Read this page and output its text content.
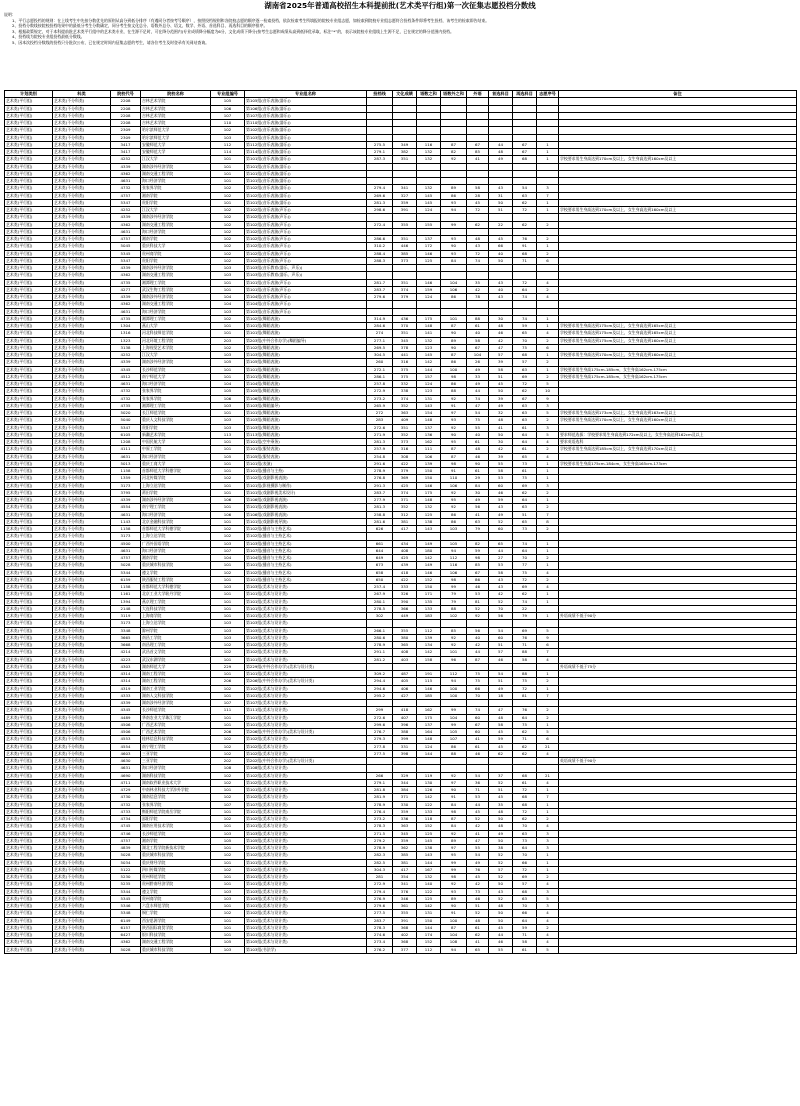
湖南省2025年普通高校招生本科提前批(艺术类平行组)第一次征集志愿投档分数线
说明：
1、平行志愿投档的规则：在上线考生中先按分数优先的原则从高分到低分排序（有遇同分者按考号顺序），按照投档规则和各院校志愿的顺序逐一检索投档，依次检索考生所填报的院校专业组志愿，如检索到院校专业组志愿符合投档条件即将考生投档，该考生的检索即告结束。
2、投档分数线按院校投档结果中的最低分考生分数确定，同分考生按文化总分、语数外总分、语文、数学、外语、首选科目、再选科目的顺序排序。
3、根据政策规定，对于本科提前批艺术类平行组中的艺术类专业，在生源不足时，可在降分范围内(专业成绩降分幅度为6分，文化成绩下降分)按考生志愿和成绩从高到低择优录取，标注“*”的，表示该院校专业组线上生源不足，已在规定的降分范围内投档。
4、投档线为院校专业组投档最低分数线。
5、因本次投档分数线的投档只分批次公布，已在规定时间内征集志愿的考生，请各位考生及时登录有关网站查询。
计划类别	科类	院校代号	院校名称	专业组编号	专业组名称	投档线	文化成绩	语数之和	语数外之和	外语	首选科目	再选科目	志愿序号	备注
艺术类(平行组)	艺术类(不分科类)	2208	吉林艺术学院	105	第105组(音乐表演(器乐))									
艺术类(平行组)	艺术类(不分科类)	2208	吉林艺术学院	106	第106组(音乐表演(器乐))									
艺术类(平行组)	艺术类(不分科类)	2208	吉林艺术学院	107	第107组(音乐表演(器乐))									
艺术类(平行组)	艺术类(不分科类)	2208	吉林艺术学院	110	第110组(音乐表演(器乐))									
艺术类(平行组)	艺术类(不分科类)	2309	哈尔滨师范大学	102	第102组(音乐表演(器乐))									
艺术类(平行组)	艺术类(不分科类)	2309	哈尔滨师范大学	103	第103组(音乐表演(器乐))									
艺术类(平行组)	艺术类(不分科类)	3417	安徽师范大学	112	第112组(音乐表演(器乐))	275.5	349	116	87	67	44	67	1	
艺术类(平行组)	艺术类(不分科类)	3417	安徽师范大学	114	第114组(音乐表演(器乐))	279.1	382	132	82	85	48	67	1	
艺术类(平行组)	艺术类(不分科类)	4252	江汉大学	101	第101组(音乐表演(器乐))	287.3	351	132	92	41	49	68	1	学校要求男生身高达到170cm及以上，女生身高达到160cm及以上
艺术类(平行组)	艺术类(不分科类)	4339	湖南涉外经济学院	101	第101组(音乐表演(器乐))									
艺术类(平行组)	艺术类(不分科类)	4362	湖南交通工程学院	101	第101组(音乐表演(器乐))									
艺术类(平行组)	艺术类(不分科类)	4631	海口经济学院	101	第101组(音乐表演(器乐))									
艺术类(平行组)	艺术类(不分科类)	4732	张家界学院	102	第102组(音乐表演(器乐))	279.4	341	132	89	58	43	54	3	
艺术类(平行组)	艺术类(不分科类)	4757	湘南学院	102	第102组(音乐表演(器乐))	269.6	327	145	86	28	31	63	7	
艺术类(平行组)	艺术类(不分科类)	5347	贵阳学院	101	第101组(音乐表演(器乐))	281.3	359	145	93	45	50	62	1	
艺术类(平行组)	艺术类(不分科类)	4252	江汉大学	102	第102组(音乐表演(声乐))	298.6	391	124	94	72	51	72	1	学校要求男生身高达到170cm及以上，女生身高达到160cm及以上
艺术类(平行组)	艺术类(不分科类)	4339	湖南涉外经济学院	102	第102组(音乐表演(声乐))									
艺术类(平行组)	艺术类(不分科类)	4362	湖南交通工程学院	102	第102组(音乐表演(声乐))	272.4	355	155	99	62	22	62	2	
艺术类(平行组)	艺术类(不分科类)	4631	海口经济学院	102	第102组(音乐表演(声乐))									
艺术类(平行组)	艺术类(不分科类)	4757	湘南学院	102	第102组(音乐表演(声乐))	286.6	351	137	93	48	45	76	2	
艺术类(平行组)	艺术类(不分科类)	5045	重庆科技大学	102	第102组(音乐表演(声乐))	310.2	446	172	90	43	66	91	1	
艺术类(平行组)	艺术类(不分科类)	5345	贵州商学院	102	第102组(音乐表演(声乐))	288.4	385	146	93	72	40	68	2	
艺术类(平行组)	艺术类(不分科类)	5347	贵阳学院	102	第102组(音乐表演(声乐))	288.3	373	125	84	74	50	71	6	
艺术类(平行组)	艺术类(不分科类)	4339	湖南涉外经济学院	103	第103组(音乐教育(器乐、声乐))									
艺术类(平行组)	艺术类(不分科类)	4362	湖南交通工程学院	103	第103组(音乐教育(器乐、声乐))									
艺术类(平行组)	艺术类(不分科类)	4735	湘潭理工学院	101	第101组(音乐表演(声乐))	281.7	351	146	104	35	43	72	4	
艺术类(平行组)	艺术类(不分科类)	4277	武汉生物工程学院	101	第101组(音乐表演(声乐))	283.7	374	159	106	42	40	64	2	
艺术类(平行组)	艺术类(不分科类)	4339	湖南涉外经济学院	104	第104组(音乐表演(声乐))	279.6	379	124	86	78	43	74	4	
艺术类(平行组)	艺术类(不分科类)	4362	湖南交通工程学院	104	第104组(音乐表演(声乐))									
艺术类(平行组)	艺术类(不分科类)	4631	海口经济学院	103	第103组(音乐表演(声乐))									
艺术类(平行组)	艺术类(不分科类)	4735	湘潭理工学院	102	第102组(舞蹈表演)	314.9	436	175	101	88	30	74	1	
艺术类(平行组)	艺术类(不分科类)	1304	燕山大学	101	第101组(舞蹈表演)	284.6	370	148	87	61	48	59	1	学校要求男生身高达到175cm及以上，女生身高达到165cm及以上
艺术类(平行组)	艺术类(不分科类)	1316	河北科技师范学院	101	第101组(舞蹈表演)	274	351	141	90	40	46	65	4	学校要求男生身高达到175cm及以上，女生身高达到165cm及以上
艺术类(平行组)	艺术类(不分科类)	1323	河北环境工程学院	203	第203组(中外合作办学)(舞蹈编导)	277.1	345	132	89	58	42	70	2	学校要求男生身高达到175cm及以上，女生身高达到160cm及以上
艺术类(平行组)	艺术类(不分科类)	3138	上海视觉艺术学院	102	第102组(舞蹈表演)	269.5	378	123	90	67	47	75	6	
艺术类(平行组)	艺术类(不分科类)	4252	江汉大学	103	第103组(舞蹈表演)	304.5	441	145	87	104	57	68	1	学校要求男生身高达到170cm及以上，女生身高达到160cm及以上
艺术类(平行组)	艺术类(不分科类)	4339	湖南涉外经济学院	105	第105组(舞蹈表演)	260	316	142	86	26	39	57	2	
艺术类(平行组)	艺术类(不分科类)	4345	长沙师范学院	101	第101组(舞蹈表演)	272.1	375	144	100	49	58	63	1	学校要求男生身高175cm-185cm，女生身高162cm-175cm
艺术类(平行组)	艺术类(不分科类)	4512	南宁师范大学	101	第101组(舞蹈表演)	286.1	375	157	98	33	51	69	2	学校要求男生身高175cm-185cm，女生身高162cm-175cm
艺术类(平行组)	艺术类(不分科类)	4631	海口经济学院	104	第104组(舞蹈表演)	257.8	332	124	86	49	45	72	5	
艺术类(平行组)	艺术类(不分科类)	4732	张家界学院	105	第105组(舞蹈表演)	272.9	338	123	88	44	50	62	10	
艺术类(平行组)	艺术类(不分科类)	4732	张家界学院	106	第106组(舞蹈表演)	273.2	374	131	92	74	39	67	9	
艺术类(平行组)	艺术类(不分科类)	4735	湘潭理工学院	103	第103组(舞蹈编导)	265.9	352	143	91	47	49	63	3	
艺术类(平行组)	艺术类(不分科类)	5020	长江师范学院	101	第101组(舞蹈表演)	272	363	154	97	54	32	63	5	学校要求男生身高达到173cm及以上，女生身高达到163cm及以上
艺术类(平行组)	艺术类(不分科类)	5040	重庆人文科技学院	103	第103组(舞蹈表演)	283	409	148	93	75	48	63	2	学校要求男生身高达到170cm及以上，女生身高达到160cm及以上
艺术类(平行组)	艺术类(不分科类)	5347	贵阳学院	103	第103组(舞蹈表演)	272.6	351	137	92	55	41	61	3	
艺术类(平行组)	艺术类(不分科类)	6105	新疆艺术学院	113	第113组(舞蹈表演)	271.9	352	136	90	40	50	64	5	要求师范选拔：学校要求男生身高达到172cm及以上，女生身高达到162cm及以上
艺术类(平行组)	艺术类(不分科类)	1208	中国民航大学	101	第101组(空中乘务)	281.3	373	162	95	61	30	64	4	要求英语选科
艺术类(平行组)	艺术类(不分科类)	4111	中原工学院	101	第101组(服装表演)	257.9	316	111	87	48	42	61	2	学校要求男生身高达到185cm及以上，女生身高达到170cm及以上
艺术类(平行组)	艺术类(不分科类)	4631	海口经济学院	105	第105组(服装表演)	254.8	308	106	87	46	39	65	4	
艺术类(平行组)	艺术类(不分科类)	5013	重庆工商大学	101	第101组(表演)	291.6	422	139	98	90	55	73	1	学校要求男生身高175cm-184cm，女生身高165cm-173cm
艺术类(平行组)	艺术类(不分科类)	1158	首都师范大学科德学院	101	第101组(播音与主持)	278.9	379	150	91	61	58	61	1	
艺术类(平行组)	艺术类(不分科类)	1359	河北传媒学院	102	第102组(戏剧影视表演)	276.8	369	150	110	29	53	75	1	
艺术类(平行组)	艺术类(不分科类)	3173	上海立达学院	101	第101组(影视摄影与制作)	291.3	425	146	106	84	60	69	3	
艺术类(平行组)	艺术类(不分科类)	3795	莆田学院	101	第101组(戏剧影视美术设计)	283.7	374	175	92	30	46	62	2	
艺术类(平行组)	艺术类(不分科类)	4339	湖南涉外经济学院	106	第106组(戏剧影视表演)	277.9	371	148	95	49	59	64	1	
艺术类(平行组)	艺术类(不分科类)	4554	南宁理工学院	101	第101组(戏剧影视表演)	281.3	352	132	92	56	43	63	2	
艺术类(平行组)	艺术类(不分科类)	4631	海口经济学院	106	第106组(戏剧影视表演)	258.8	312	125	86	41	49	51	7	
艺术类(平行组)	艺术类(不分科类)	1143	北京金融科技学院	101	第101组(戏剧影视导演)	281.6	381	138	86	63	52	65	8	
艺术类(平行组)	艺术类(不分科类)	1158	首都师范大学科德学院	102	第102组(播音与主持艺术)	626	417	143	103	79	60	73	2	
艺术类(平行组)	艺术类(不分科类)	3173	上海立达学院	102	第102组(播音与主持艺术)									
艺术类(平行组)	艺术类(不分科类)	4500	广西外国语学院	103	第103组(播音与主持艺术)	661	434	149	105	82	65	74	1	
艺术类(平行组)	艺术类(不分科类)	4631	海口经济学院	107	第107组(播音与主持艺术)	644	408	180	94	59	44	64	1	
艺术类(平行组)	艺术类(不分科类)	4757	湘南学院	104	第104组(播音与主持艺术)	649	425	142	112	98	27	70	2	
艺术类(平行组)	艺术类(不分科类)	5028	重庆城市科技学院	101	第101组(播音与主持艺术)	673	439	149	116	85	53	77	1	
艺术类(平行组)	艺术类(不分科类)	5344	遵义学院	102	第102组(播音与主持艺术)	658	418	146	106	67	58	75	4	
艺术类(平行组)	艺术类(不分科类)	6159	陕西服装工程学院	101	第101组(播音与主持艺术)	650	422	152	98	86	43	72	2	
艺术类(平行组)	艺术类(不分科类)	1158	首都师范大学科德学院	103	第103组(美术与设计类)	257.4	333	150	99	46	43	69	4	
艺术类(平行组)	艺术类(不分科类)	1161	北京工业大学耿丹学院	101	第101组(美术与设计类)	267.9	326	171	79	53	42	62	1	
艺术类(平行组)	艺术类(不分科类)	1394	燕京理工学院	101	第101组(美术与设计类)	280.1	390	135	79	81	52	74	1	
艺术类(平行组)	艺术类(不分科类)	2148	大连科技学院	101	第101组(美术与设计类)	278.5	366	133	88	52	70	22		
艺术类(平行组)	艺术类(不分科类)	3119	上海商学院	101	第101组(美术与设计类)	302	449	183	102	92	56	79	1	外语成绩不低于90分
艺术类(平行组)	艺术类(不分科类)	3173	上海立达学院	103	第103组(美术与设计类)									
艺术类(平行组)	艺术类(不分科类)	3348	滁州学院	103	第103组(美术与设计类)	266.1	355	112	85	56	54	69	5	
艺术类(平行组)	艺术类(不分科类)	3665	南昌工学院	103	第103组(美术与设计类)	280.6	380	139	92	40	60	76	9	
艺术类(平行组)	艺术类(不分科类)	3668	南昌理工学院	102	第102组(美术与设计类)	278.9	365	134	92	42	51	71	6	
艺术类(平行组)	艺术类(不分科类)	4214	武昌首义学院	102	第102组(美术与设计类)	291.1	408	142	101	44	57	88	7	
艺术类(平行组)	艺术类(不分科类)	4223	武汉东湖学院	101	第101组(美术与设计类)	281.2	403	158	96	87	46	58	4	
艺术类(平行组)	艺术类(不分科类)	4303	湖南师范大学	229	第229组(中外合作办学)(美术与设计类)									外语成绩不低于75分
艺术类(平行组)	艺术类(不分科类)	4314	湖南工程学院	101	第101组(美术与设计类)	309.2	487	191	112	75	54	88	1	
艺术类(平行组)	艺术类(不分科类)	4314	湖南工程学院	206	第206组(中外合作办学)(美术与设计类)	294.4	405	115	94	75	51	75	2	
艺术类(平行组)	艺术类(不分科类)	4319	湖南工业学院	102	第102组(美术与设计类)	294.6	406	146	100	66	49	72	1	
艺术类(平行组)	艺术类(不分科类)	4333	湖南人文科技学院	101	第101组(美术与设计类)	295.2	427	185	100	70	18	81	7	
艺术类(平行组)	艺术类(不分科类)	4339	湖南涉外经济学院	107	第107组(美术与设计类)									
艺术类(平行组)	艺术类(不分科类)	4345	长沙师范学院	111	第111组(美术与设计类)	299	418	162	99	74	47	76	2	
艺术类(平行组)	艺术类(不分科类)	4489	华南农业大学珠江学院	101	第101组(美术与设计类)	272.6	407	175	104	60	48	64	2	
艺术类(平行组)	艺术类(不分科类)	4506	广西艺术学院	101	第101组(美术与设计类)	299.6	396	137	99	67	58	75	1	
艺术类(平行组)	艺术类(不分科类)	4506	广西艺术学院	206	第206组(中外合作办学)(美术与设计类)	276.7	388	164	105	60	45	62	5	
艺术类(平行组)	艺术类(不分科类)	4553	桂林信息科技学院	102	第102组(美术与设计类)	279.3	399	148	107	41	59	71	6	
艺术类(平行组)	艺术类(不分科类)	4554	南宁理工学院	102	第102组(美术与设计类)	277.8	331	124	86	61	45	62	21	
艺术类(平行组)	艺术类(不分科类)	4603	三亚学院	102	第102组(美术与设计类)	277.5	398	144	88	46	62	62	4	
艺术类(平行组)	艺术类(不分科类)	4630	三亚学院	202	第202组(中外合作办学)(美术与设计类)									英语成绩不低于90分
艺术类(平行组)	艺术类(不分科类)	4631	海口经济学院	108	第108组(美术与设计类)									
艺术类(平行组)	艺术类(不分科类)	4690	湖南科技学院	102	第102组(美术与设计类)	266	329	119	92	54	37	68	21	
艺术类(平行组)	艺术类(不分科类)	4711	湖南软件职业技术大学	102	第102组(美术与设计类)	279.1	344	130	97	36	52	61	4	
艺术类(平行组)	艺术类(不分科类)	4729	中南林业科技大学涉外学院	101	第101组(美术与设计类)	281.8	384	126	90	71	51	72	1	
艺术类(平行组)	艺术类(不分科类)	4730	湖南信息学院	102	第102组(美术与设计类)	281.9	371	142	91	53	45	68	7	
艺术类(平行组)	艺术类(不分科类)	4732	张家界学院	107	第107组(美术与设计类)	278.9	330	122	84	44	35	68	1	
艺术类(平行组)	艺术类(不分科类)	4733	衡阳师范学院南岳学院	101	第101组(美术与设计类)	276.4	359	133	98	45	48	72	1	
艺术类(平行组)	艺术类(不分科类)	4734	邵阳学院	102	第102组(美术与设计类)	273.2	336	118	87	52	50	62	2	
艺术类(平行组)	艺术类(不分科类)	4745	湖南应用技术学院	101	第101组(美术与设计类)	278.3	363	152	84	42	48	70	4	
艺术类(平行组)	艺术类(不分科类)	4746	长沙师范学院	103	第103组(美术与设计类)	271.5	345	125	92	41	49	63	3	
艺术类(平行组)	艺术类(不分科类)	4757	湘南学院	105	第105组(美术与设计类)	279.2	359	145	89	47	50	73	3	
艺术类(平行组)	艺术类(不分科类)	4839	湖北工程学院新技术学院	101	第101组(美术与设计类)	278.9	362	138	97	55	38	64	3	
艺术类(平行组)	艺术类(不分科类)	5028	重庆城市科技学院	102	第102组(美术与设计类)	282.3	385	143	95	54	52	70	1	
艺术类(平行组)	艺术类(不分科类)	5034	重庆财经学院	101	第101组(美术与设计类)	282.5	381	144	99	49	52	66	1	
艺术类(平行组)	艺术类(不分科类)	5122	四川传媒学院	102	第102组(美术与设计类)	304.3	417	167	99	76	57	72	1	
艺术类(平行组)	艺术类(不分科类)	5230	贵州师范学院	101	第101组(美术与设计类)	281	354	132	98	45	52	69	2	
艺术类(平行组)	艺术类(不分科类)	5235	贵州黔南经济学院	101	第101组(美术与设计类)	272.9	341	140	92	42	50	57	4	
艺术类(平行组)	艺术类(不分科类)	5344	遵义学院	103	第103组(美术与设计类)	279.4	376	122	93	73	43	68	3	
艺术类(平行组)	艺术类(不分科类)	5345	贵州商学院	103	第103组(美术与设计类)	276.9	346	125	89	46	52	63	5	
艺术类(平行组)	艺术类(不分科类)	5346	六盘水师范学院	101	第101组(美术与设计类)	279.6	361	142	90	51	48	70	3	
艺术类(平行组)	艺术类(不分科类)	5348	铜仁学院	102	第102组(美术与设计类)	277.5	355	131	91	52	50	66	4	
艺术类(平行组)	艺术类(不分科类)	6149	西安思源学院	101	第101组(美术与设计类)	283.7	391	150	100	48	50	64	4	
艺术类(平行组)	艺术类(不分科类)	6157	陕西国际商贸学院	101	第101组(美术与设计类)	278.3	368	144	87	61	45	59	2	
艺术类(平行组)	艺术类(不分科类)	6427	银川科技学院	101	第101组(美术与设计类)	274.6	402	174	104	62	44	71	4	
艺术类(平行组)	艺术类(不分科类)	4362	湖南交通工程学院	105	第105组(美术与设计类)	273.4	368	152	108	41	46	58	4	
艺术类(平行组)	艺术类(不分科类)	5028	重庆城市科技学院	103	第103组(书法学)	276.2	377	112	94	65	55	61	5	
